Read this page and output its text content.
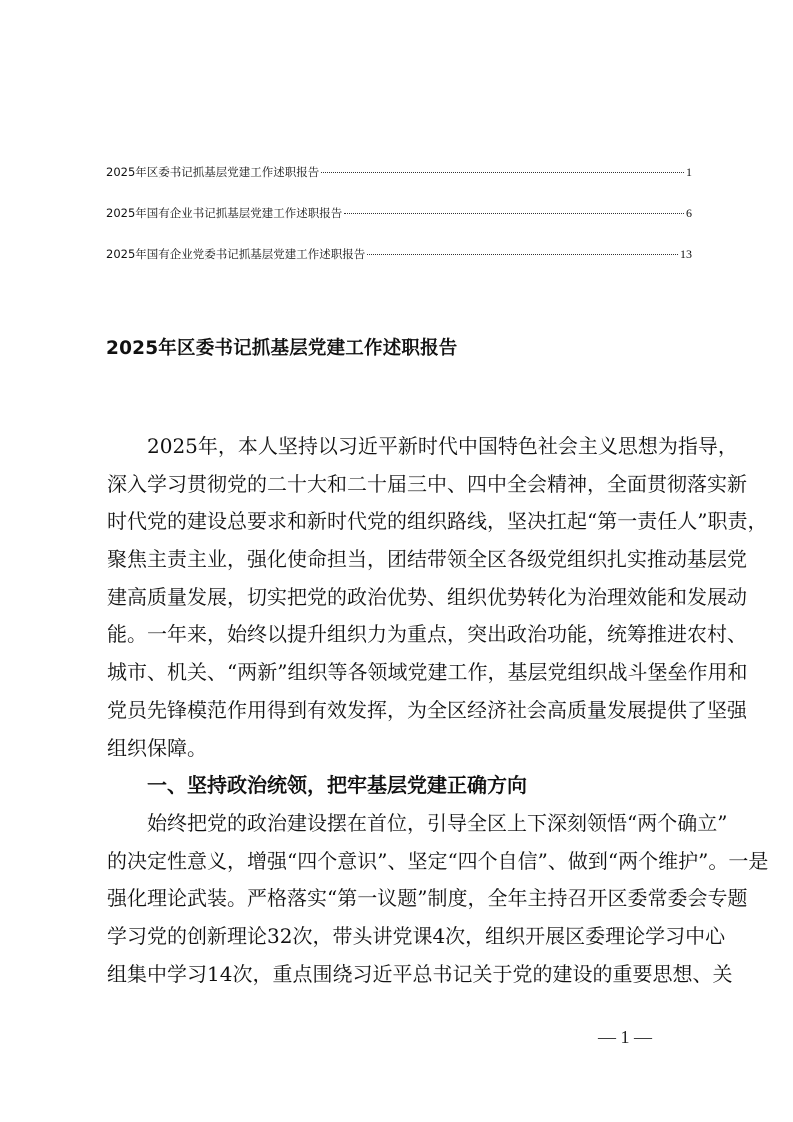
2025年区委书记抓基层党建工作述职报告	1
2025年国有企业书记抓基层党建工作述职报告	6
2025年国有企业党委书记抓基层党建工作述职报告	13
2025年区委书记抓基层党建工作述职报告
2025年，本人坚持以习近平新时代中国特色社会主义思想为指导，
深入学习贯彻党的二十大和二十届三中、四中全会精神，全面贯彻落实新
时代党的建设总要求和新时代党的组织路线，坚决扛起“第一责任人”职责，
聚焦主责主业，强化使命担当，团结带领全区各级党组织扎实推动基层党
建高质量发展，切实把党的政治优势、组织优势转化为治理效能和发展动
能。一年来，始终以提升组织力为重点，突出政治功能，统筹推进农村、
城市、机关、“两新”组织等各领域党建工作，基层党组织战斗堡垒作用和
党员先锋模范作用得到有效发挥，为全区经济社会高质量发展提供了坚强
组织保障。
一、坚持政治统领，把牢基层党建正确方向
始终把党的政治建设摆在首位，引导全区上下深刻领悟“两个确立”
的决定性意义，增强“四个意识”、坚定“四个自信”、做到“两个维护”。一是
强化理论武装。严格落实“第一议题”制度，全年主持召开区委常委会专题
学习党的创新理论32次，带头讲党课4次，组织开展区委理论学习中心
组集中学习14次，重点围绕习近平总书记关于党的建设的重要思想、关
— 1 —
